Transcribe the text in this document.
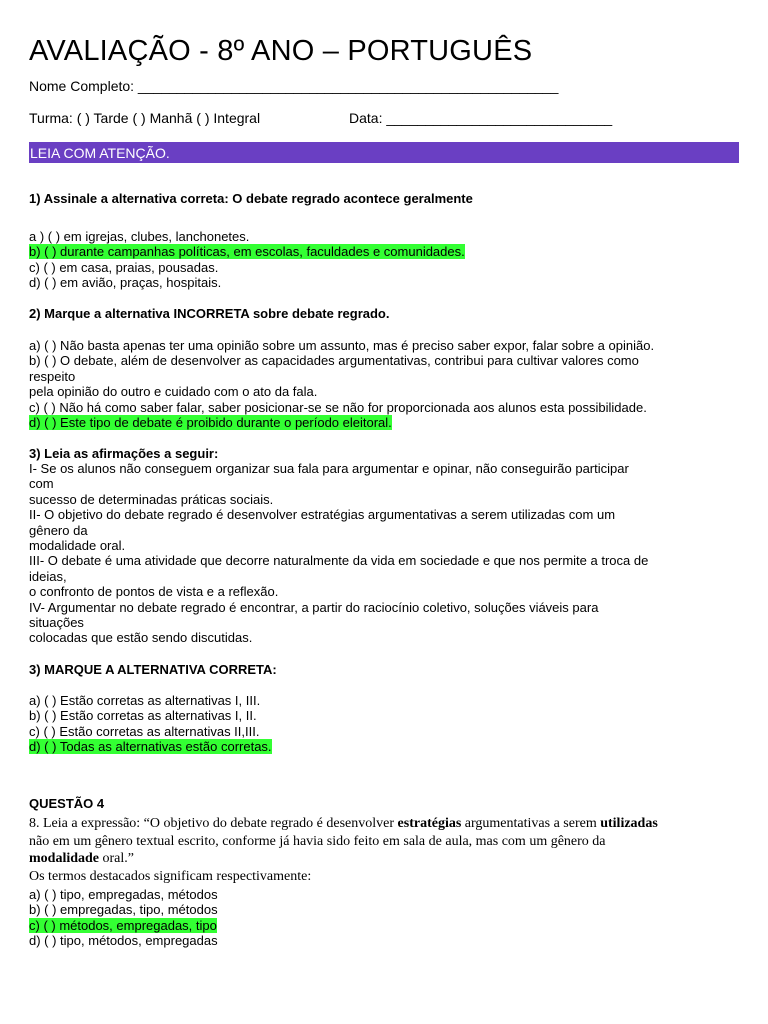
AVALIAÇÃO - 8º ANO – PORTUGUÊS
Nome Completo: ______________________________________________________
Turma: ( ) Tarde ( ) Manhã ( ) Integral	Data: _____________________________
LEIA COM ATENÇÃO.
1) Assinale a alternativa correta: O debate regrado acontece geralmente
a ) ( ) em igrejas, clubes, lanchonetes.
b) ( ) durante campanhas políticas, em escolas, faculdades e comunidades.
c) ( ) em casa, praias, pousadas.
d) ( ) em avião, praças, hospitais.
2) Marque a alternativa INCORRETA sobre debate regrado.
a) ( ) Não basta apenas ter uma opinião sobre um assunto, mas é preciso saber expor, falar sobre a opinião.
b) ( ) O debate, além de desenvolver as capacidades argumentativas, contribui para cultivar valores como
respeito
pela opinião do outro e cuidado com o ato da fala.
c) ( ) Não há como saber falar, saber posicionar-se se não for proporcionada aos alunos esta possibilidade.
d) ( ) Este tipo de debate é proibido durante o período eleitoral.
3) Leia as afirmações a seguir:
I- Se os alunos não conseguem organizar sua fala para argumentar e opinar, não conseguirão participar
com
sucesso de determinadas práticas sociais.
II- O objetivo do debate regrado é desenvolver estratégias argumentativas a serem utilizadas com um
gênero da
modalidade oral.
III- O debate é uma atividade que decorre naturalmente da vida em sociedade e que nos permite a troca de
ideias,
o confronto de pontos de vista e a reflexão.
IV- Argumentar no debate regrado é encontrar, a partir do raciocínio coletivo, soluções viáveis para
situações
colocadas que estão sendo discutidas.
3) MARQUE A ALTERNATIVA CORRETA:
a) ( ) Estão corretas as alternativas I, III.
b) ( ) Estão corretas as alternativas I, II.
c) ( ) Estão corretas as alternativas II,III.
d) ( ) Todas as alternativas estão corretas.
QUESTÃO 4
8. Leia a expressão: “O objetivo do debate regrado é desenvolver estratégias argumentativas a serem utilizadas
não em um gênero textual escrito, conforme já havia sido feito em sala de aula, mas com um gênero da
modalidade oral.”
Os termos destacados significam respectivamente:
a) ( ) tipo, empregadas, métodos
b) ( ) empregadas, tipo, métodos
c) ( ) métodos, empregadas, tipo
d) ( ) tipo, métodos, empregadas
